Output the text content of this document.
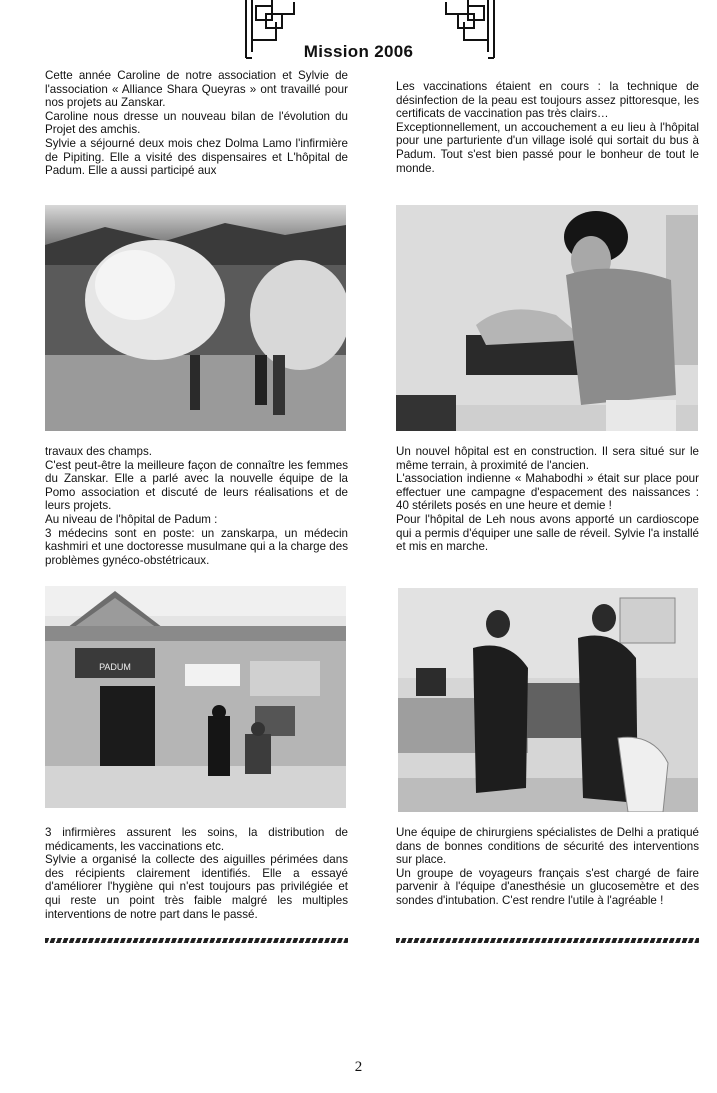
Mission 2006

Cette année Caroline de notre association et Sylvie de l'association « Alliance Shara Queyras » ont travaillé pour nos projets au Zanskar.

Caroline nous dresse un nouveau bilan de l'évolution du Projet des amchis.

Sylvie a séjourné deux mois chez Dolma Lamo l'infirmière de Pipiting. Elle a visité des dispensaires et L'hôpital de Padum. Elle a aussi participé aux

Les vaccinations étaient en cours : la technique de désinfection de la peau est toujours assez pittoresque, les certificats de vaccination pas très clairs…

Exceptionnellement, un accouchement a eu lieu à l'hôpital pour une parturiente d'un village isolé qui sortait du bus à Padum. Tout s'est bien passé pour le bonheur de tout le monde.

travaux des champs.

C'est peut-être la meilleure façon de connaître les femmes du Zanskar. Elle a parlé avec la nouvelle équipe de la Pomo association et discuté de leurs réalisations et de leurs projets.

Au niveau de l'hôpital de Padum :

3 médecins sont en poste: un zanskarpa, un médecin kashmiri et une doctoresse musulmane qui a la charge des problèmes gynéco-obstétricaux.

Un nouvel hôpital est en construction. Il sera situé sur le même terrain, à proximité de l'ancien.

L'association indienne « Mahabodhi » était sur place pour effectuer une campagne d'espacement des naissances : 40 stérilets posés en une heure et demie !

Pour l'hôpital de Leh nous avons apporté un cardioscope qui a permis d'équiper une salle de réveil. Sylvie l'a installé et mis en marche.

PADUM

3 infirmières assurent les soins, la distribution de médicaments, les vaccinations etc.

Sylvie a organisé la collecte des aiguilles périmées dans des récipients clairement identifiés. Elle a essayé d'améliorer l'hygiène qui n'est toujours pas privilégiée et qui reste un point très faible malgré les multiples interventions de notre part dans le passé.

Une équipe de chirurgiens spécialistes de Delhi a pratiqué dans de bonnes conditions de sécurité des interventions sur place.

Un groupe de voyageurs français s'est chargé de faire parvenir à l'équipe d'anesthésie un glucosemètre et des sondes d'intubation. C'est rendre l'utile à l'agréable !

2
